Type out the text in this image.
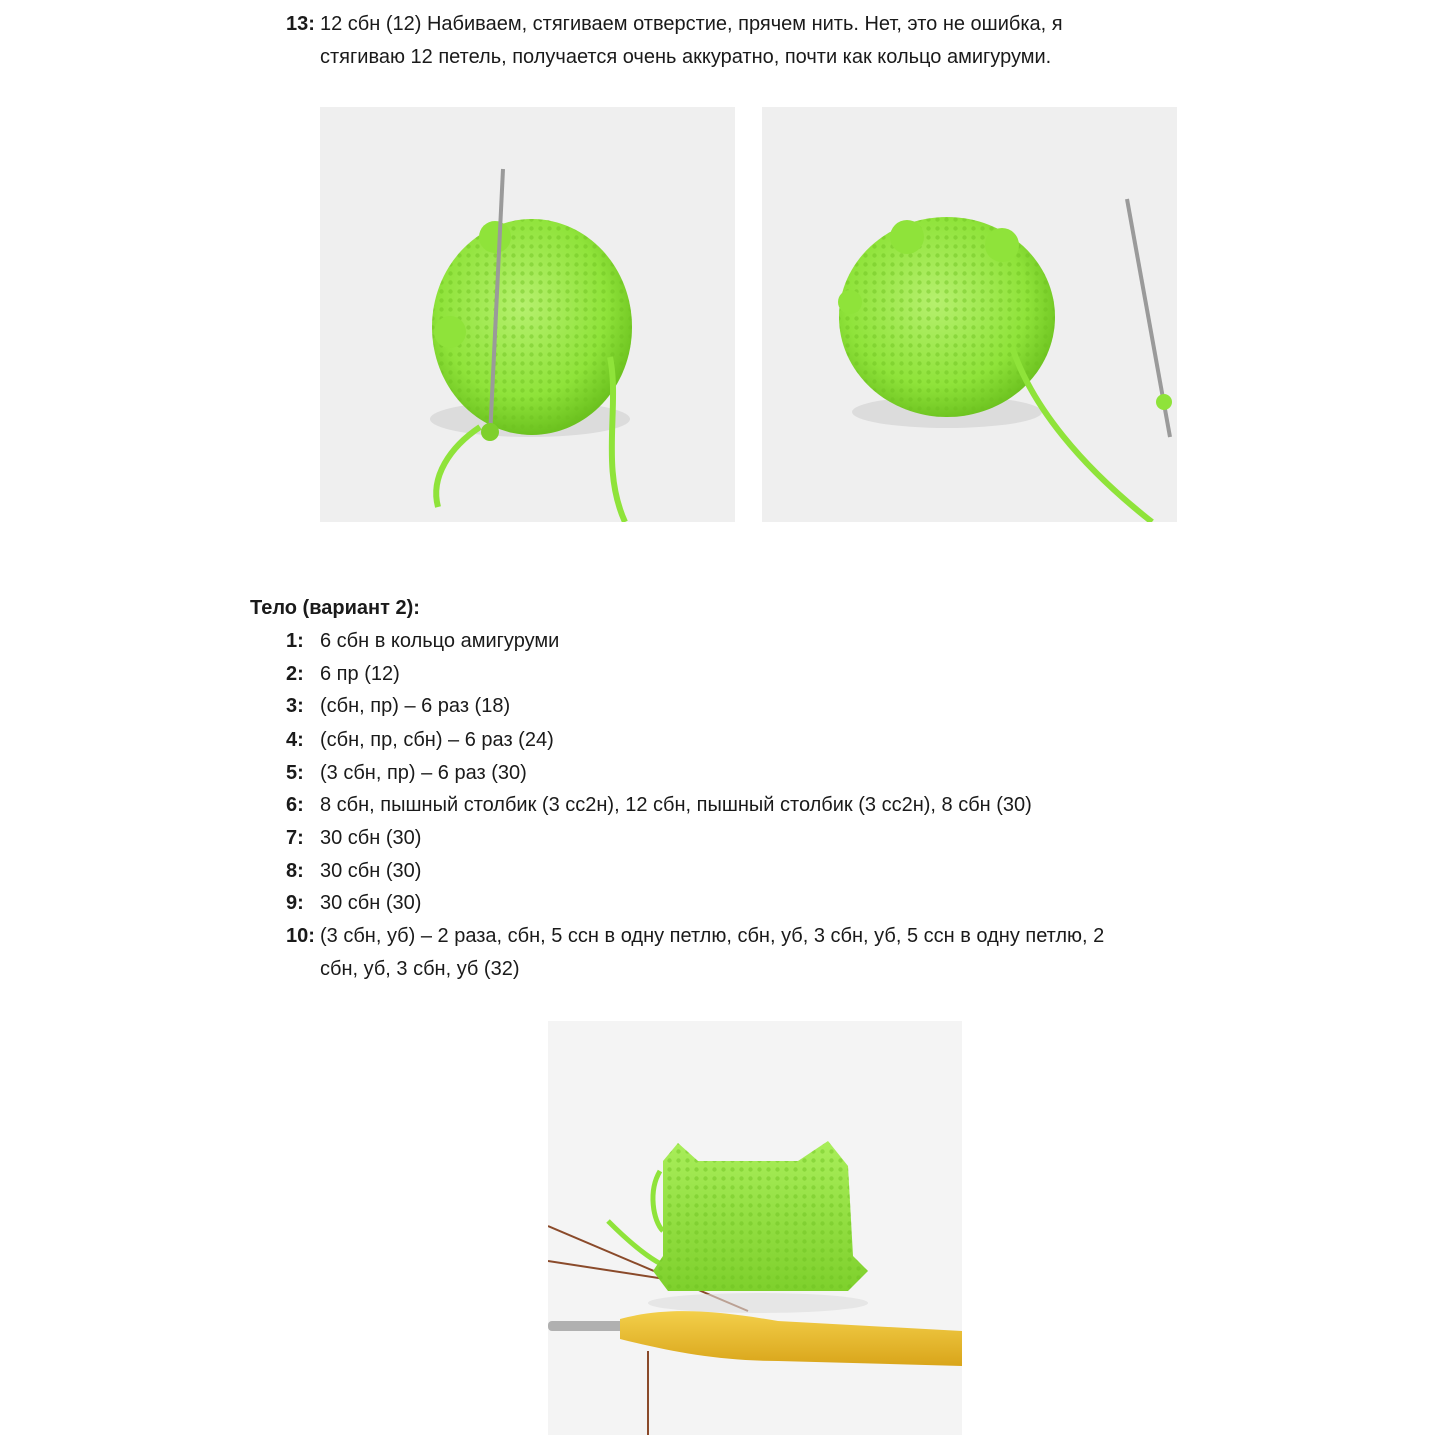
13: 12 сбн (12) Набиваем, стягиваем отверстие, прячем нить. Нет, это не ошибка, я
стягиваю 12 петель, получается очень аккуратно, почти как кольцо амигуруми.
Тело (вариант 2):
1: 6 сбн в кольцо амигуруми
2: 6 пр (12)
3: (сбн, пр) – 6 раз (18)
4: (сбн, пр, сбн) – 6 раз (24)
5: (3 сбн, пр) – 6 раз (30)
6: 8 сбн, пышный столбик (3 сс2н), 12 сбн, пышный столбик (3 сс2н), 8 сбн (30)
7: 30 сбн (30)
8: 30 сбн (30)
9: 30 сбн (30)
10: (3 сбн, уб) – 2 раза, сбн, 5 ссн в одну петлю, сбн, уб, 3 сбн, уб, 5 ссн в одну петлю, 2
сбн, уб, 3 сбн, уб (32)
